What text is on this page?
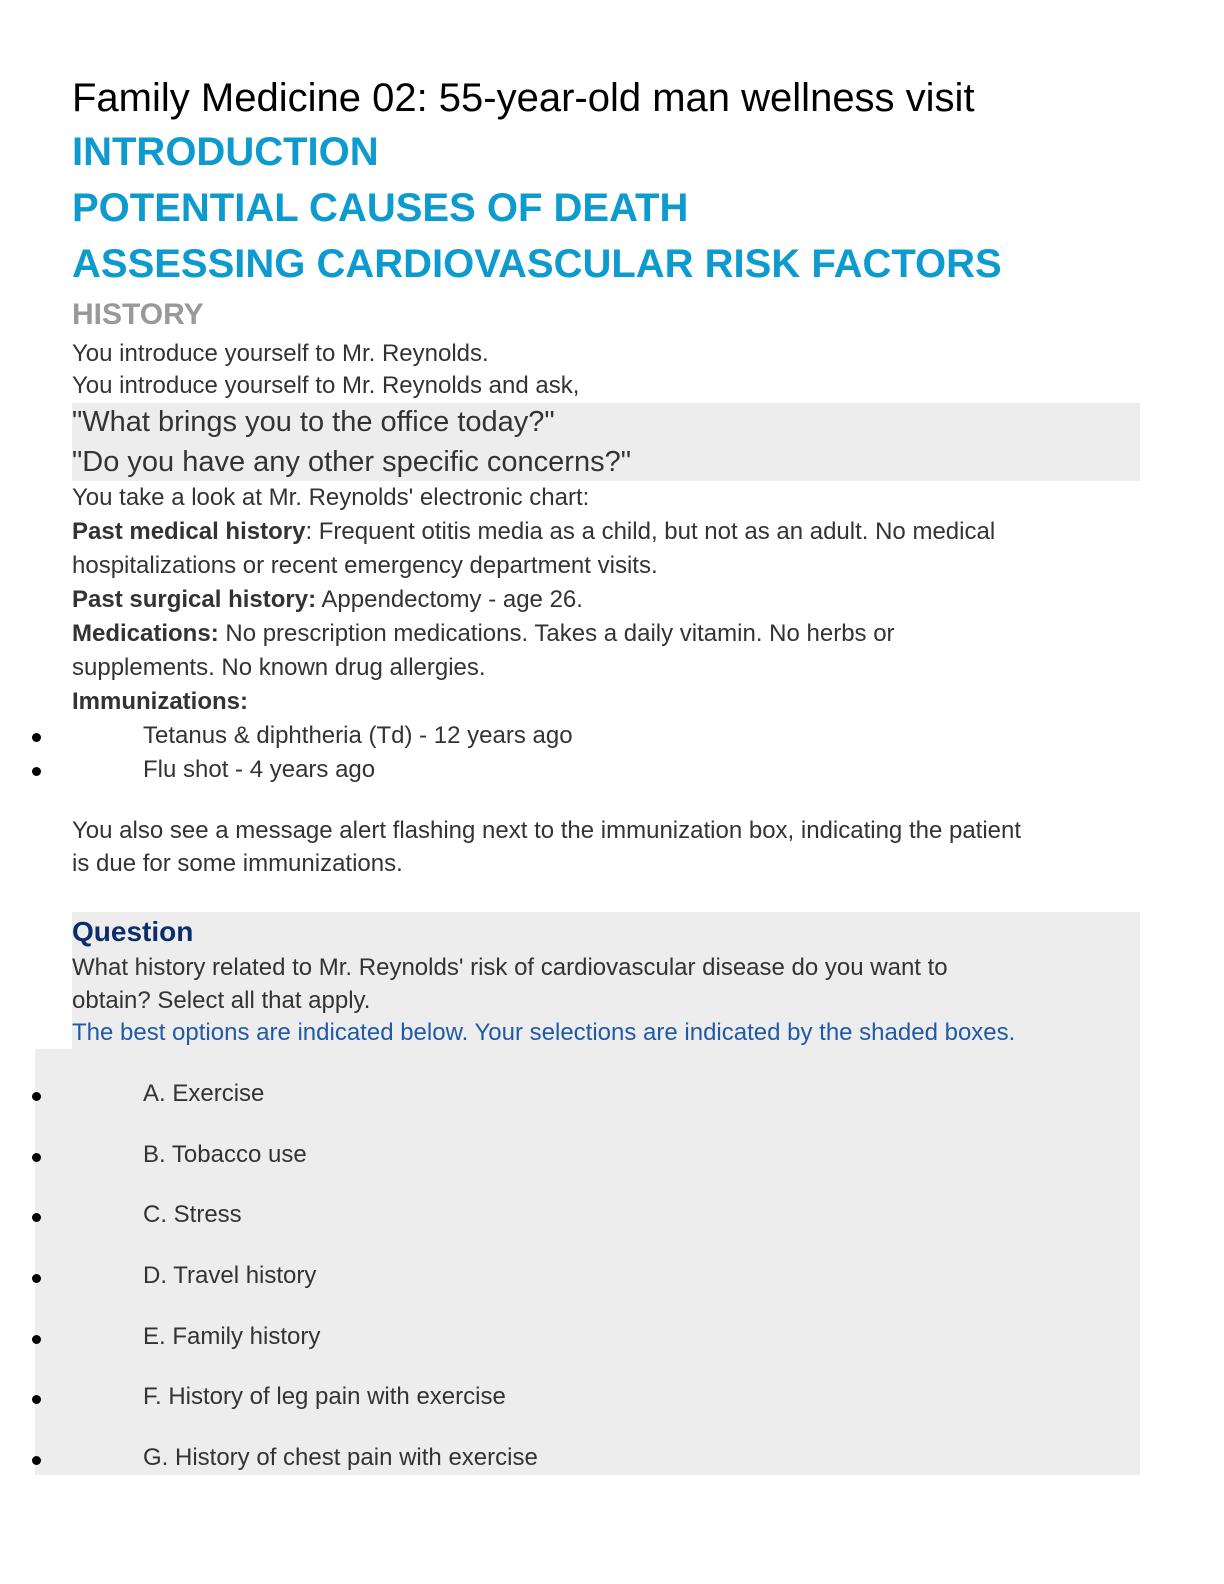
Family Medicine 02: 55-year-old man wellness visit
INTRODUCTION
POTENTIAL CAUSES OF DEATH
ASSESSING CARDIOVASCULAR RISK FACTORS
HISTORY
You introduce yourself to Mr. Reynolds.
You introduce yourself to Mr. Reynolds and ask,
"What brings you to the office today?"
"Do you have any other specific concerns?"
You take a look at Mr. Reynolds' electronic chart:
Past medical history: Frequent otitis media as a child, but not as an adult. No medical
hospitalizations or recent emergency department visits.
Past surgical history: Appendectomy - age 26.
Medications: No prescription medications. Takes a daily vitamin. No herbs or
supplements. No known drug allergies.
Immunizations:
Tetanus & diphtheria (Td) - 12 years ago
Flu shot - 4 years ago
You also see a message alert flashing next to the immunization box, indicating the patient
is due for some immunizations.
Question
What history related to Mr. Reynolds' risk of cardiovascular disease do you want to
obtain? Select all that apply.
The best options are indicated below. Your selections are indicated by the shaded boxes.
A. Exercise
B. Tobacco use
C. Stress
D. Travel history
E. Family history
F. History of leg pain with exercise
G. History of chest pain with exercise
